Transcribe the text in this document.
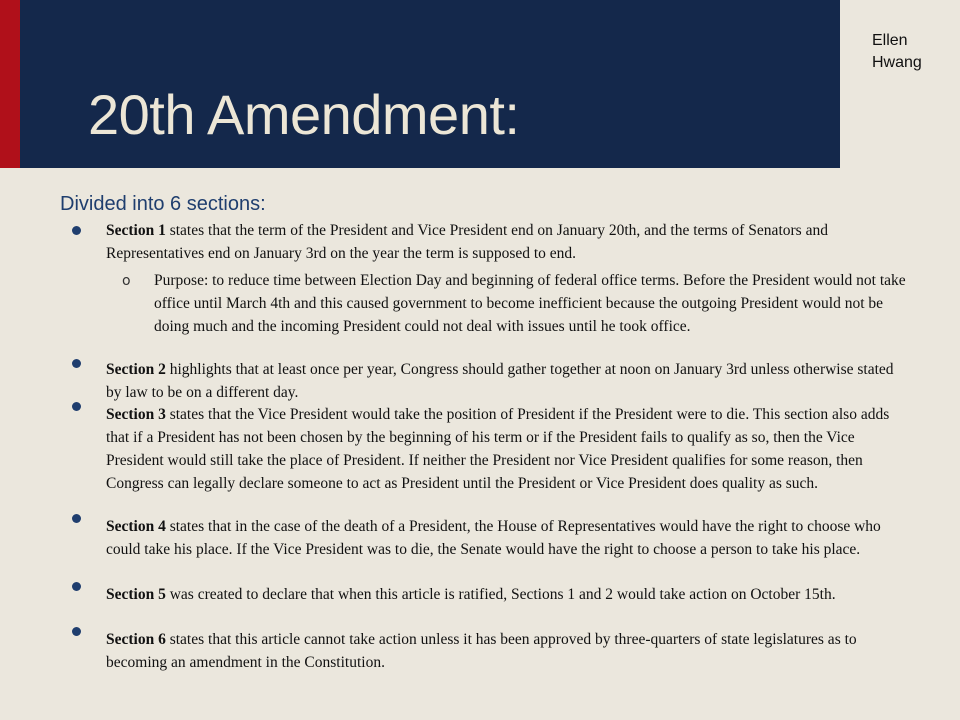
20th Amendment:
Ellen Hwang
Divided into 6 sections:

Section 1 states that the term of the President and Vice President end on January 20th, and the terms of Senators and Representatives end on January 3rd on the year the term is supposed to end.

o Purpose: to reduce time between Election Day and beginning of federal office terms. Before the President would not take office until March 4th and this caused government to become inefficient because the outgoing President would not be doing much and the incoming President could not deal with issues until he took office.

Section 2 highlights that at least once per year, Congress should gather together at noon on January 3rd unless otherwise stated by law to be on a different day.

Section 3 states that the Vice President would take the position of President if the President were to die. This section also adds that if a President has not been chosen by the beginning of his term or if the President fails to qualify as so, then the Vice President would still take the place of President. If neither the President nor Vice President qualifies for some reason, then Congress can legally declare someone to act as President until the President or Vice President does quality as such.

Section 4 states that in the case of the death of a President, the House of Representatives would have the right to choose who could take his place. If the Vice President was to die, the Senate would have the right to choose a person to take his place.

Section 5 was created to declare that when this article is ratified, Sections 1 and 2 would take action on October 15th.

Section 6 states that this article cannot take action unless it has been approved by three-quarters of state legislatures as to becoming an amendment in the Constitution.
